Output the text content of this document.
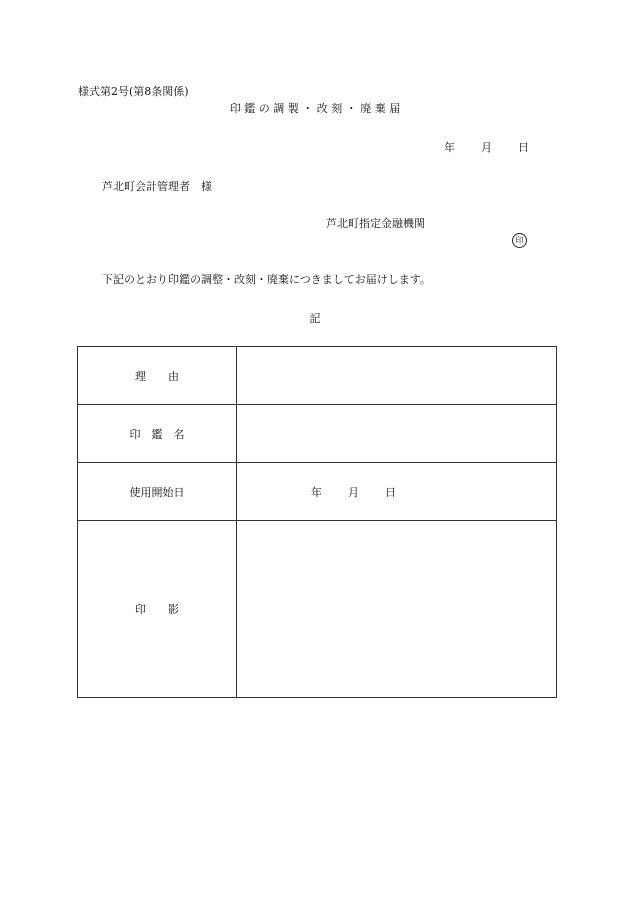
様式第2号(第8条関係)
印 鑑 の 調 製 ・ 改 刻 ・ 廃 棄 届
年 月 日
芦北町会計管理者　様
芦北町指定金融機関
印
下記のとおり印鑑の調整・改刻・廃棄につきましてお届けします。
記
理　　由	
印　鑑　名	
使用開始日	年 月 日
印　　影	
